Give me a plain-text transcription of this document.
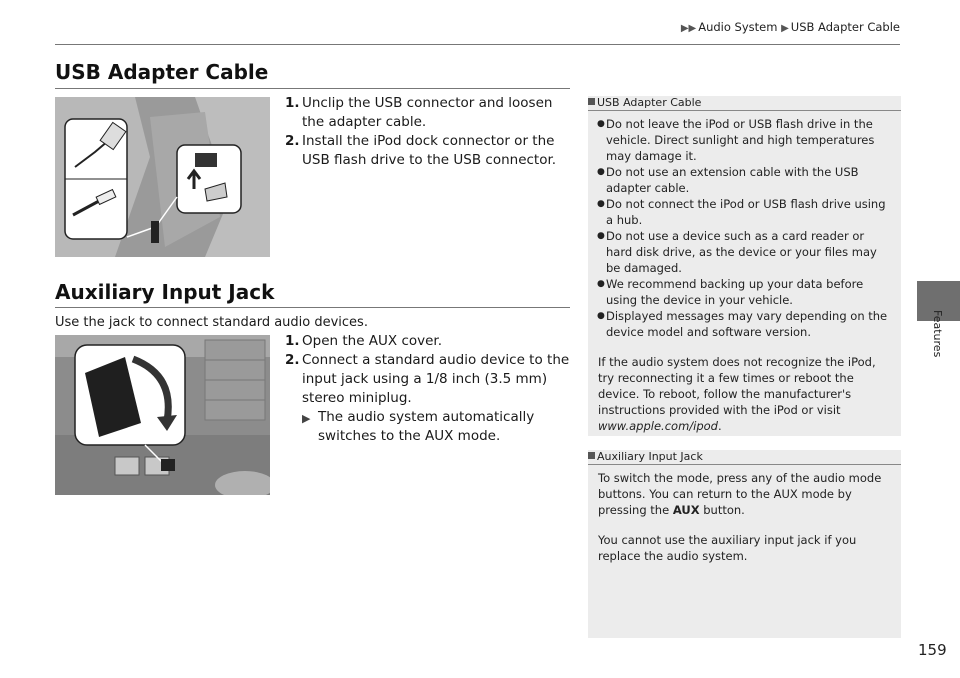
▶▶ Audio System ▶ USB Adapter Cable
Features
159
USB Adapter Cable
1. Unclip the USB connector and loosen the adapter cable.
2. Install the iPod dock connector or the USB flash drive to the USB connector.
Auxiliary Input Jack
Use the jack to connect standard audio devices.
1. Open the AUX cover.
2. Connect a standard audio device to the input jack using a 1/8 inch (3.5 mm) stereo miniplug.
▶ The audio system automatically switches to the AUX mode.
USB Adapter Cable
● Do not leave the iPod or USB flash drive in the vehicle. Direct sunlight and high temperatures may damage it.
● Do not use an extension cable with the USB adapter cable.
● Do not connect the iPod or USB flash drive using a hub.
● Do not use a device such as a card reader or hard disk drive, as the device or your files may be damaged.
● We recommend backing up your data before using the device in your vehicle.
● Displayed messages may vary depending on the device model and software version.

If the audio system does not recognize the iPod, try reconnecting it a few times or reboot the device. To reboot, follow the manufacturer's instructions provided with the iPod or visit www.apple.com/ipod.

Auxiliary Input Jack

To switch the mode, press any of the audio mode buttons. You can return to the AUX mode by pressing the AUX button.

You cannot use the auxiliary input jack if you replace the audio system.
